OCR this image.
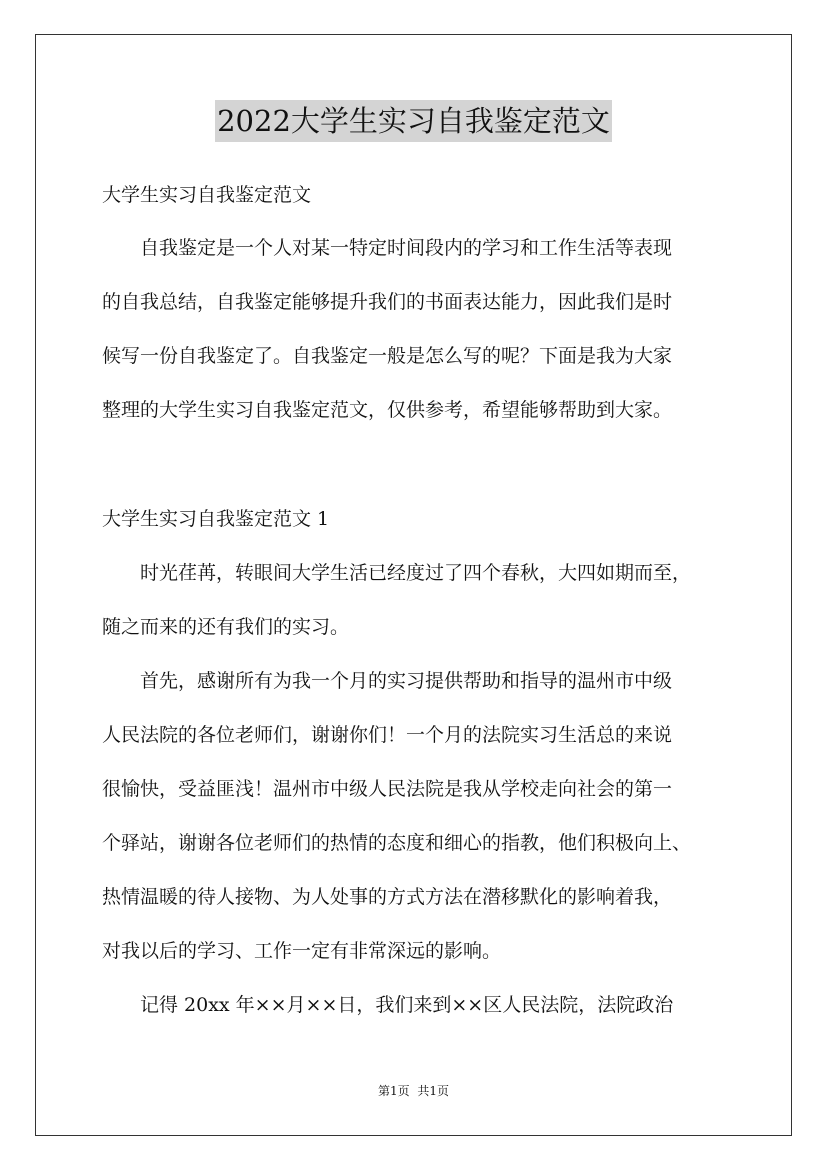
2022大学生实习自我鉴定范文
大学生实习自我鉴定范文
　　自我鉴定是一个人对某一特定时间段内的学习和工作生活等表现
的自我总结，自我鉴定能够提升我们的书面表达能力，因此我们是时
候写一份自我鉴定了。自我鉴定一般是怎么写的呢？下面是我为大家
整理的大学生实习自我鉴定范文，仅供参考，希望能够帮助到大家。
大学生实习自我鉴定范文 1
　　时光荏苒，转眼间大学生活已经度过了四个春秋，大四如期而至，
随之而来的还有我们的实习。
　　首先，感谢所有为我一个月的实习提供帮助和指导的温州市中级
人民法院的各位老师们，谢谢你们！一个月的法院实习生活总的来说
很愉快，受益匪浅！温州市中级人民法院是我从学校走向社会的第一
个驿站，谢谢各位老师们的热情的态度和细心的指教，他们积极向上、
热情温暖的待人接物、为人处事的方式方法在潜移默化的影响着我，
对我以后的学习、工作一定有非常深远的影响。
　　记得 20xx 年××月××日，我们来到××区人民法院，法院政治
第1页 共1页
